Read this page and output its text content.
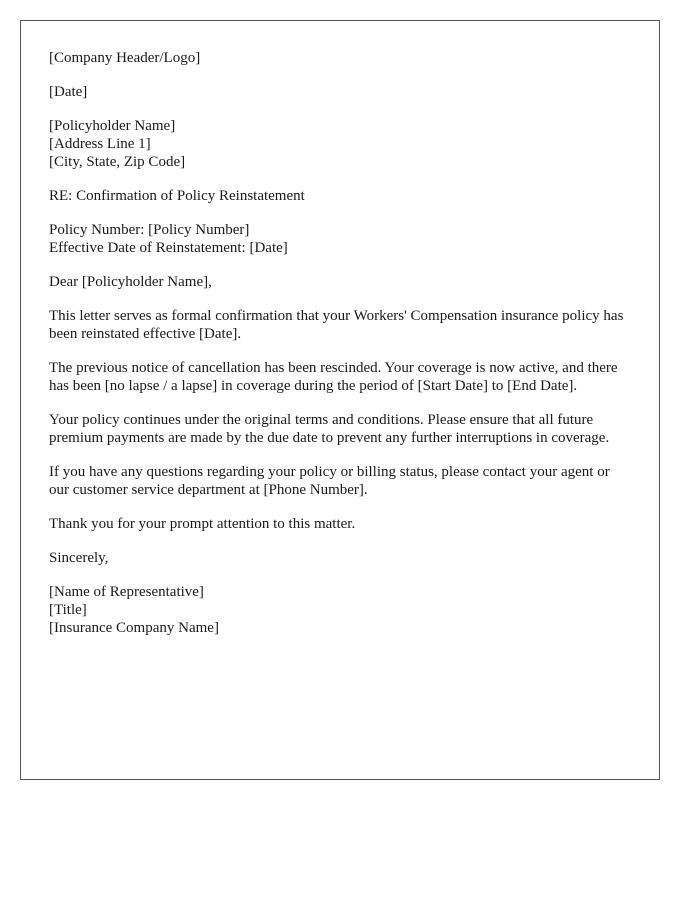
[Company Header/Logo]
[Date]
[Policyholder Name]
[Address Line 1]
[City, State, Zip Code]
RE: Confirmation of Policy Reinstatement
Policy Number: [Policy Number]
Effective Date of Reinstatement: [Date]
Dear [Policyholder Name],

This letter serves as formal confirmation that your Workers' Compensation insurance policy has been reinstated effective [Date].

The previous notice of cancellation has been rescinded. Your coverage is now active, and there has been [no lapse / a lapse] in coverage during the period of [Start Date] to [End Date].

Your policy continues under the original terms and conditions. Please ensure that all future premium payments are made by the due date to prevent any further interruptions in coverage.

If you have any questions regarding your policy or billing status, please contact your agent or our customer service department at [Phone Number].

Thank you for your prompt attention to this matter.

Sincerely,
[Name of Representative]
[Title]
[Insurance Company Name]
